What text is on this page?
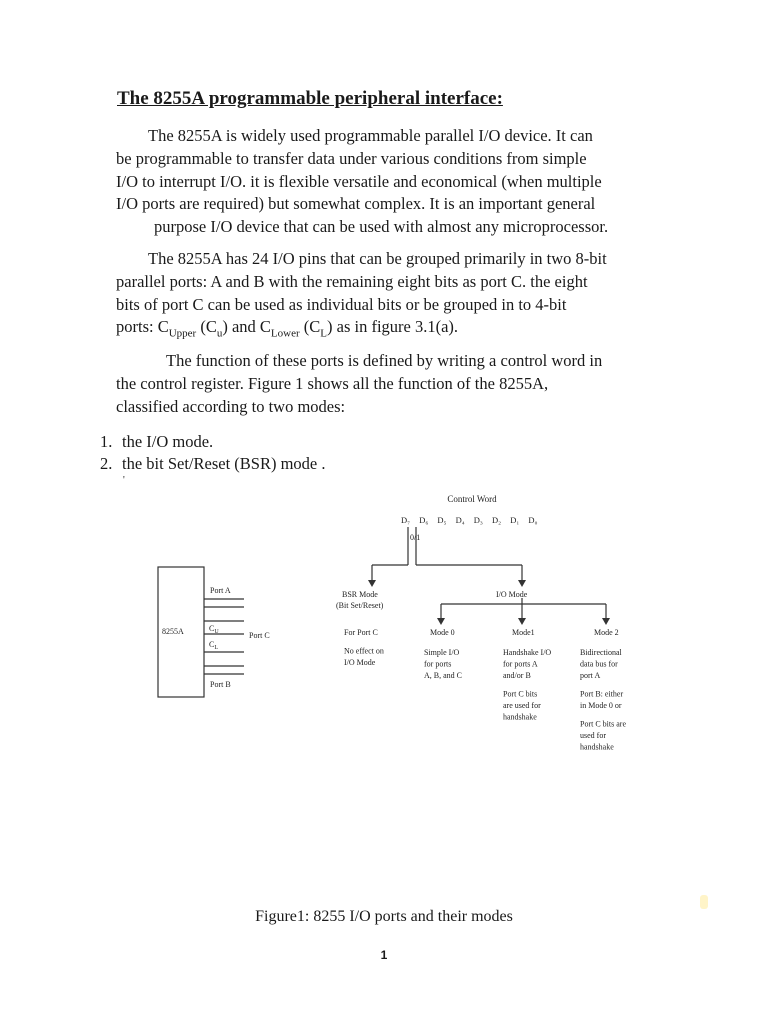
The 8255A programmable peripheral interface:

The 8255A is widely used programmable parallel I/O device. It can
be programmable to transfer data under various conditions from simple
I/O to interrupt I/O. it is flexible versatile and economical (when multiple
I/O ports are required) but somewhat complex. It is an important general
purpose I/O device that can be used with almost any microprocessor.

The 8255A has 24 I/O pins that can be grouped primarily in two 8-bit
parallel ports: A and B with the remaining eight bits as port C. the eight
bits of port C can be used as individual bits or be grouped in to 4-bit
ports: $C_{Upper}$ $(C_u)$ and $C_{Lower}$ $(C_L)$ as in figure 3.1(a).

The function of these ports is defined by writing a control word in
the control register. Figure 1 shows all the function of the 8255A,
classified according to two modes:

1. the I/O mode.
2. the bit Set/Reset (BSR) mode .
'
Control Word
D₇ D₆ D₅ D₄ D₃ D₂ D₁ D₀
0/1
8255A
Port A
$C_U$
$C_L$
Port C
Port B
BSR Mode
(Bit Set/Reset)
I/O Mode
Mode 0	Mode1	Mode 2
For Port C
No effect on
I/O Mode
Simple I/O
for ports
A, B, and C
Handshake I/O
for ports A
and/or B
Port C bits
are used for
handshake
Bidirectional
data bus for
port A
Port B: either
in Mode 0 or
Port C bits are
used for
handshake
Figure1: 8255 I/O ports and their modes
1
